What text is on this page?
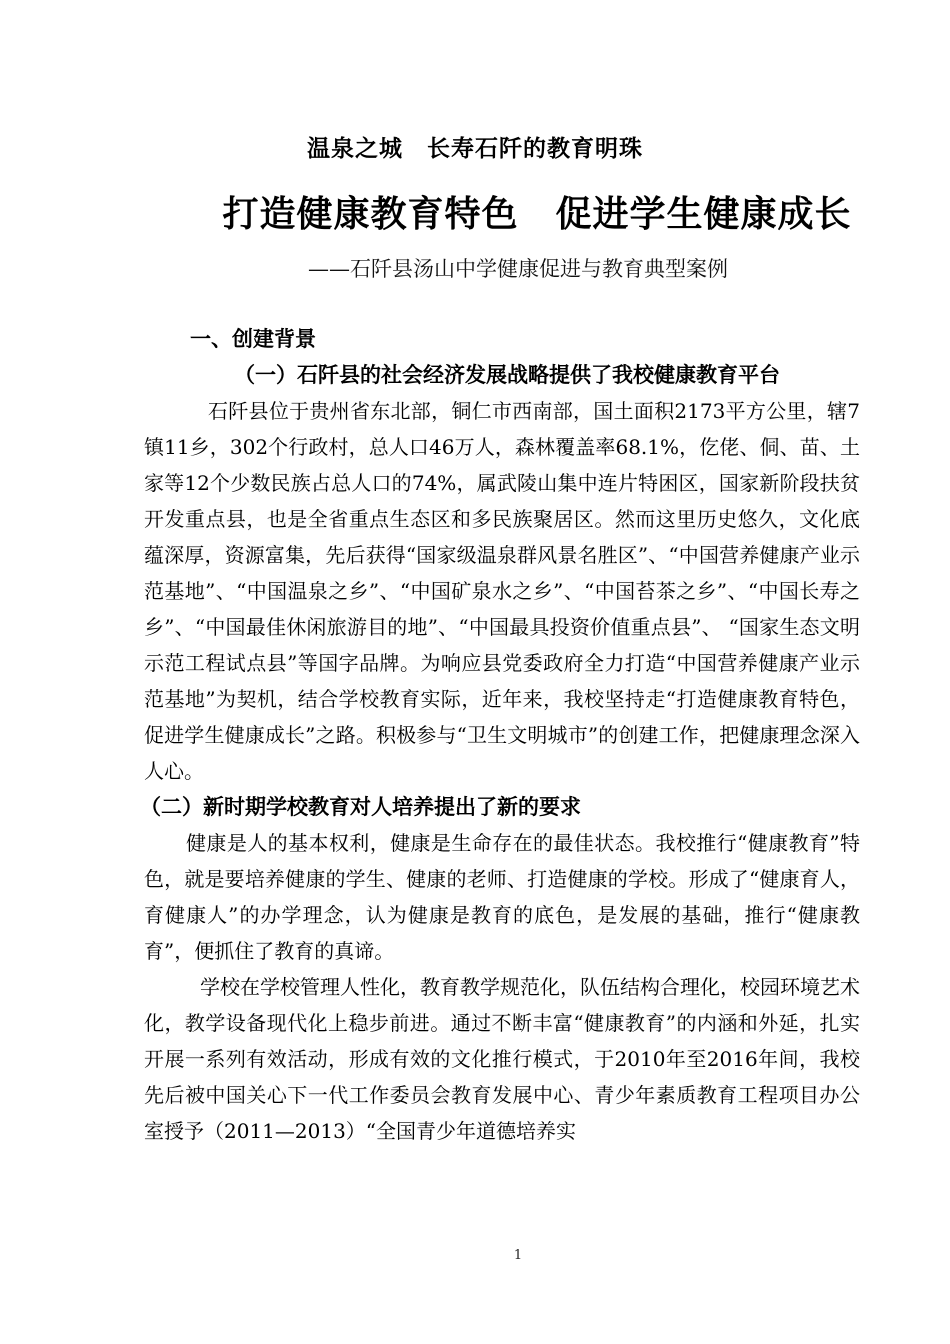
温泉之城　长寿石阡的教育明珠
打造健康教育特色　促进学生健康成长
——石阡县汤山中学健康促进与教育典型案例
一、创建背景
（一）石阡县的社会经济发展战略提供了我校健康教育平台

石阡县位于贵州省东北部，铜仁市西南部，国土面积2173平方公里，辖7镇11乡，302个行政村，总人口46万人，森林覆盖率68.1%，仡佬、侗、苗、土家等12个少数民族占总人口的74%，属武陵山集中连片特困区，国家新阶段扶贫开发重点县，也是全省重点生态区和多民族聚居区。然而这里历史悠久，文化底蕴深厚，资源富集，先后获得“国家级温泉群风景名胜区”、“中国营养健康产业示范基地”、“中国温泉之乡”、“中国矿泉水之乡”、“中国苔茶之乡”、“中国长寿之乡”、“中国最佳休闲旅游目的地”、“中国最具投资价值重点县”、 “国家生态文明示范工程试点县”等国字品牌。为响应县党委政府全力打造“中国营养健康产业示范基地”为契机，结合学校教育实际，近年来，我校坚持走“打造健康教育特色，促进学生健康成长”之路。积极参与“卫生文明城市”的创建工作，把健康理念深入人心。

（二）新时期学校教育对人培养提出了新的要求

健康是人的基本权利，健康是生命存在的最佳状态。我校推行“健康教育”特色，就是要培养健康的学生、健康的老师、打造健康的学校。形成了“健康育人，育健康人”的办学理念，认为健康是教育的底色，是发展的基础，推行“健康教育”，便抓住了教育的真谛。

学校在学校管理人性化，教育教学规范化，队伍结构合理化，校园环境艺术化，教学设备现代化上稳步前进。通过不断丰富“健康教育”的内涵和外延，扎实开展一系列有效活动，形成有效的文化推行模式，于2010年至2016年间，我校先后被中国关心下一代工作委员会教育发展中心、青少年素质教育工程项目办公室授予（2011—2013）“全国青少年道德培养实

1
